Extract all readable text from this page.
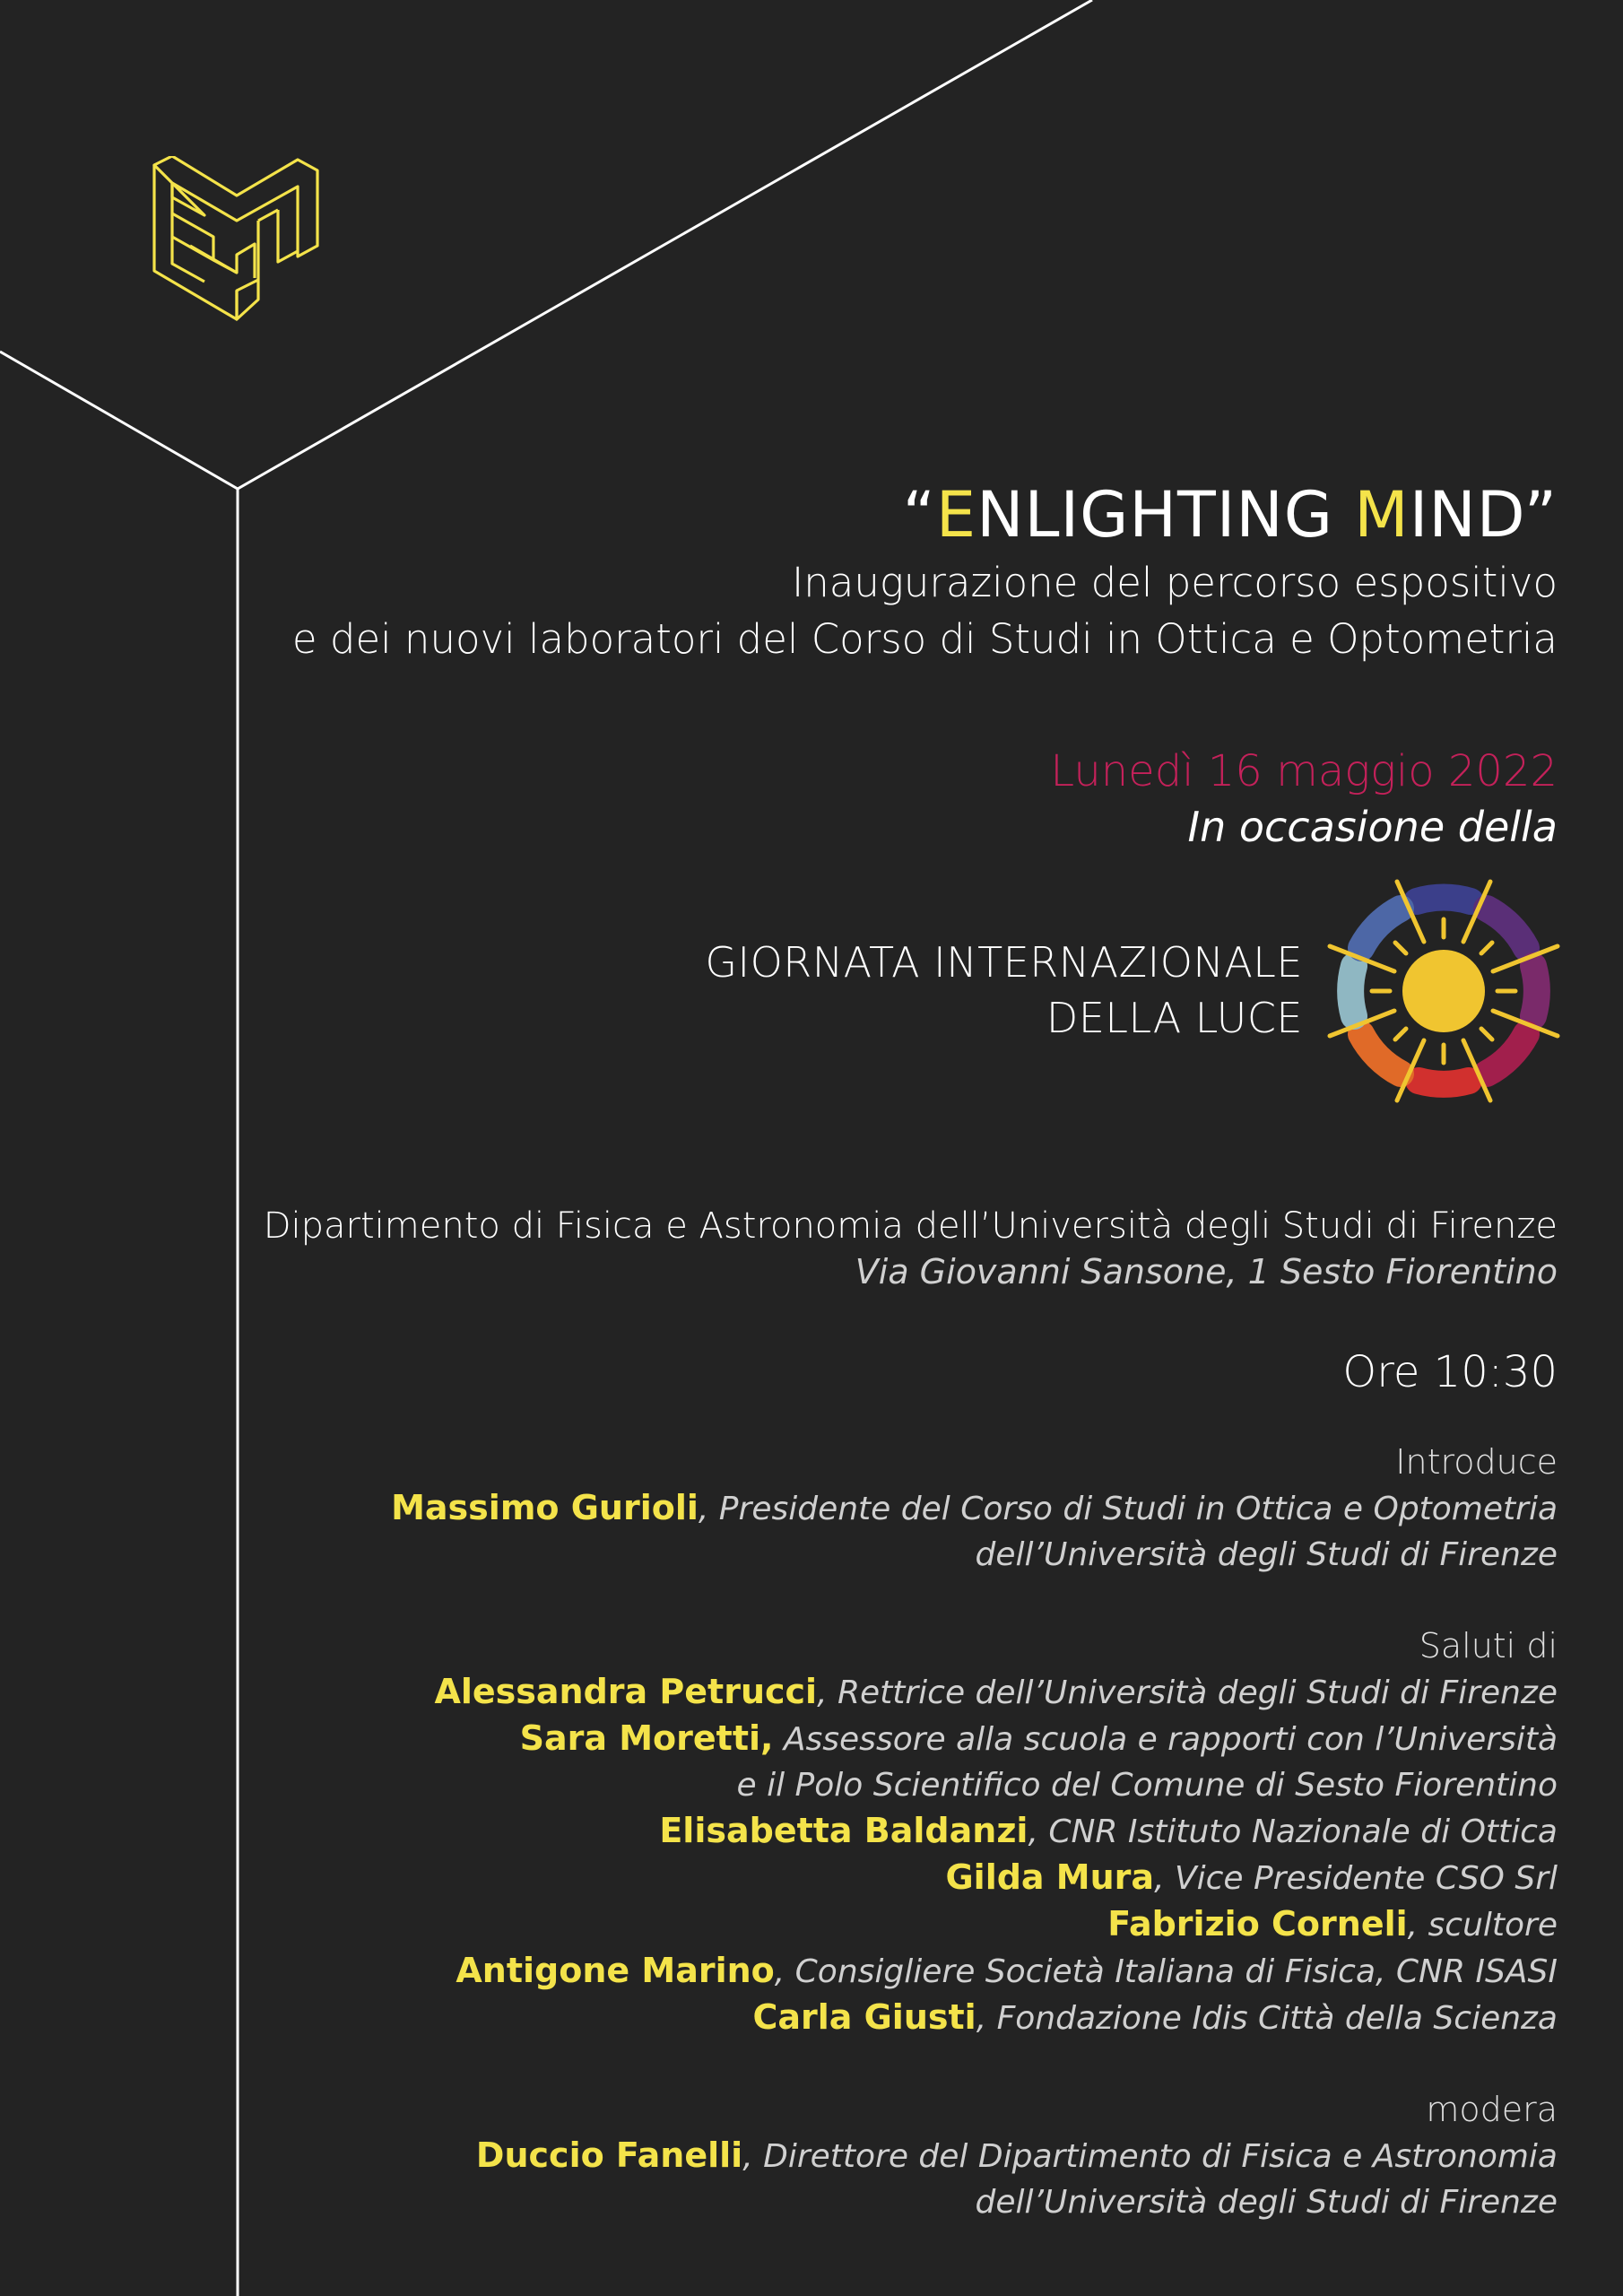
“ENLIGHTING MIND”
Inaugurazione del percorso espositivo
e dei nuovi laboratori del Corso di Studi in Ottica e Optometria
Lunedì 16 maggio 2022
In occasione della
GIORNATA INTERNAZIONALE
DELLA LUCE
Dipartimento di Fisica e Astronomia dell’Università degli Studi di Firenze
Via Giovanni Sansone, 1 Sesto Fiorentino
Ore 10:30
Introduce
Massimo Gurioli, Presidente del Corso di Studi in Ottica e Optometria
dell’Università degli Studi di Firenze
Saluti di
Alessandra Petrucci, Rettrice dell’Università degli Studi di Firenze
Sara Moretti, Assessore alla scuola e rapporti con l’Università
e il Polo Scientifico del Comune di Sesto Fiorentino
Elisabetta Baldanzi, CNR Istituto Nazionale di Ottica
Gilda Mura, Vice Presidente CSO Srl
Fabrizio Corneli, scultore
Antigone Marino, Consigliere Società Italiana di Fisica, CNR ISASI
Carla Giusti, Fondazione Idis Città della Scienza
modera
Duccio Fanelli, Direttore del Dipartimento di Fisica e Astronomia
dell’Università degli Studi di Firenze
